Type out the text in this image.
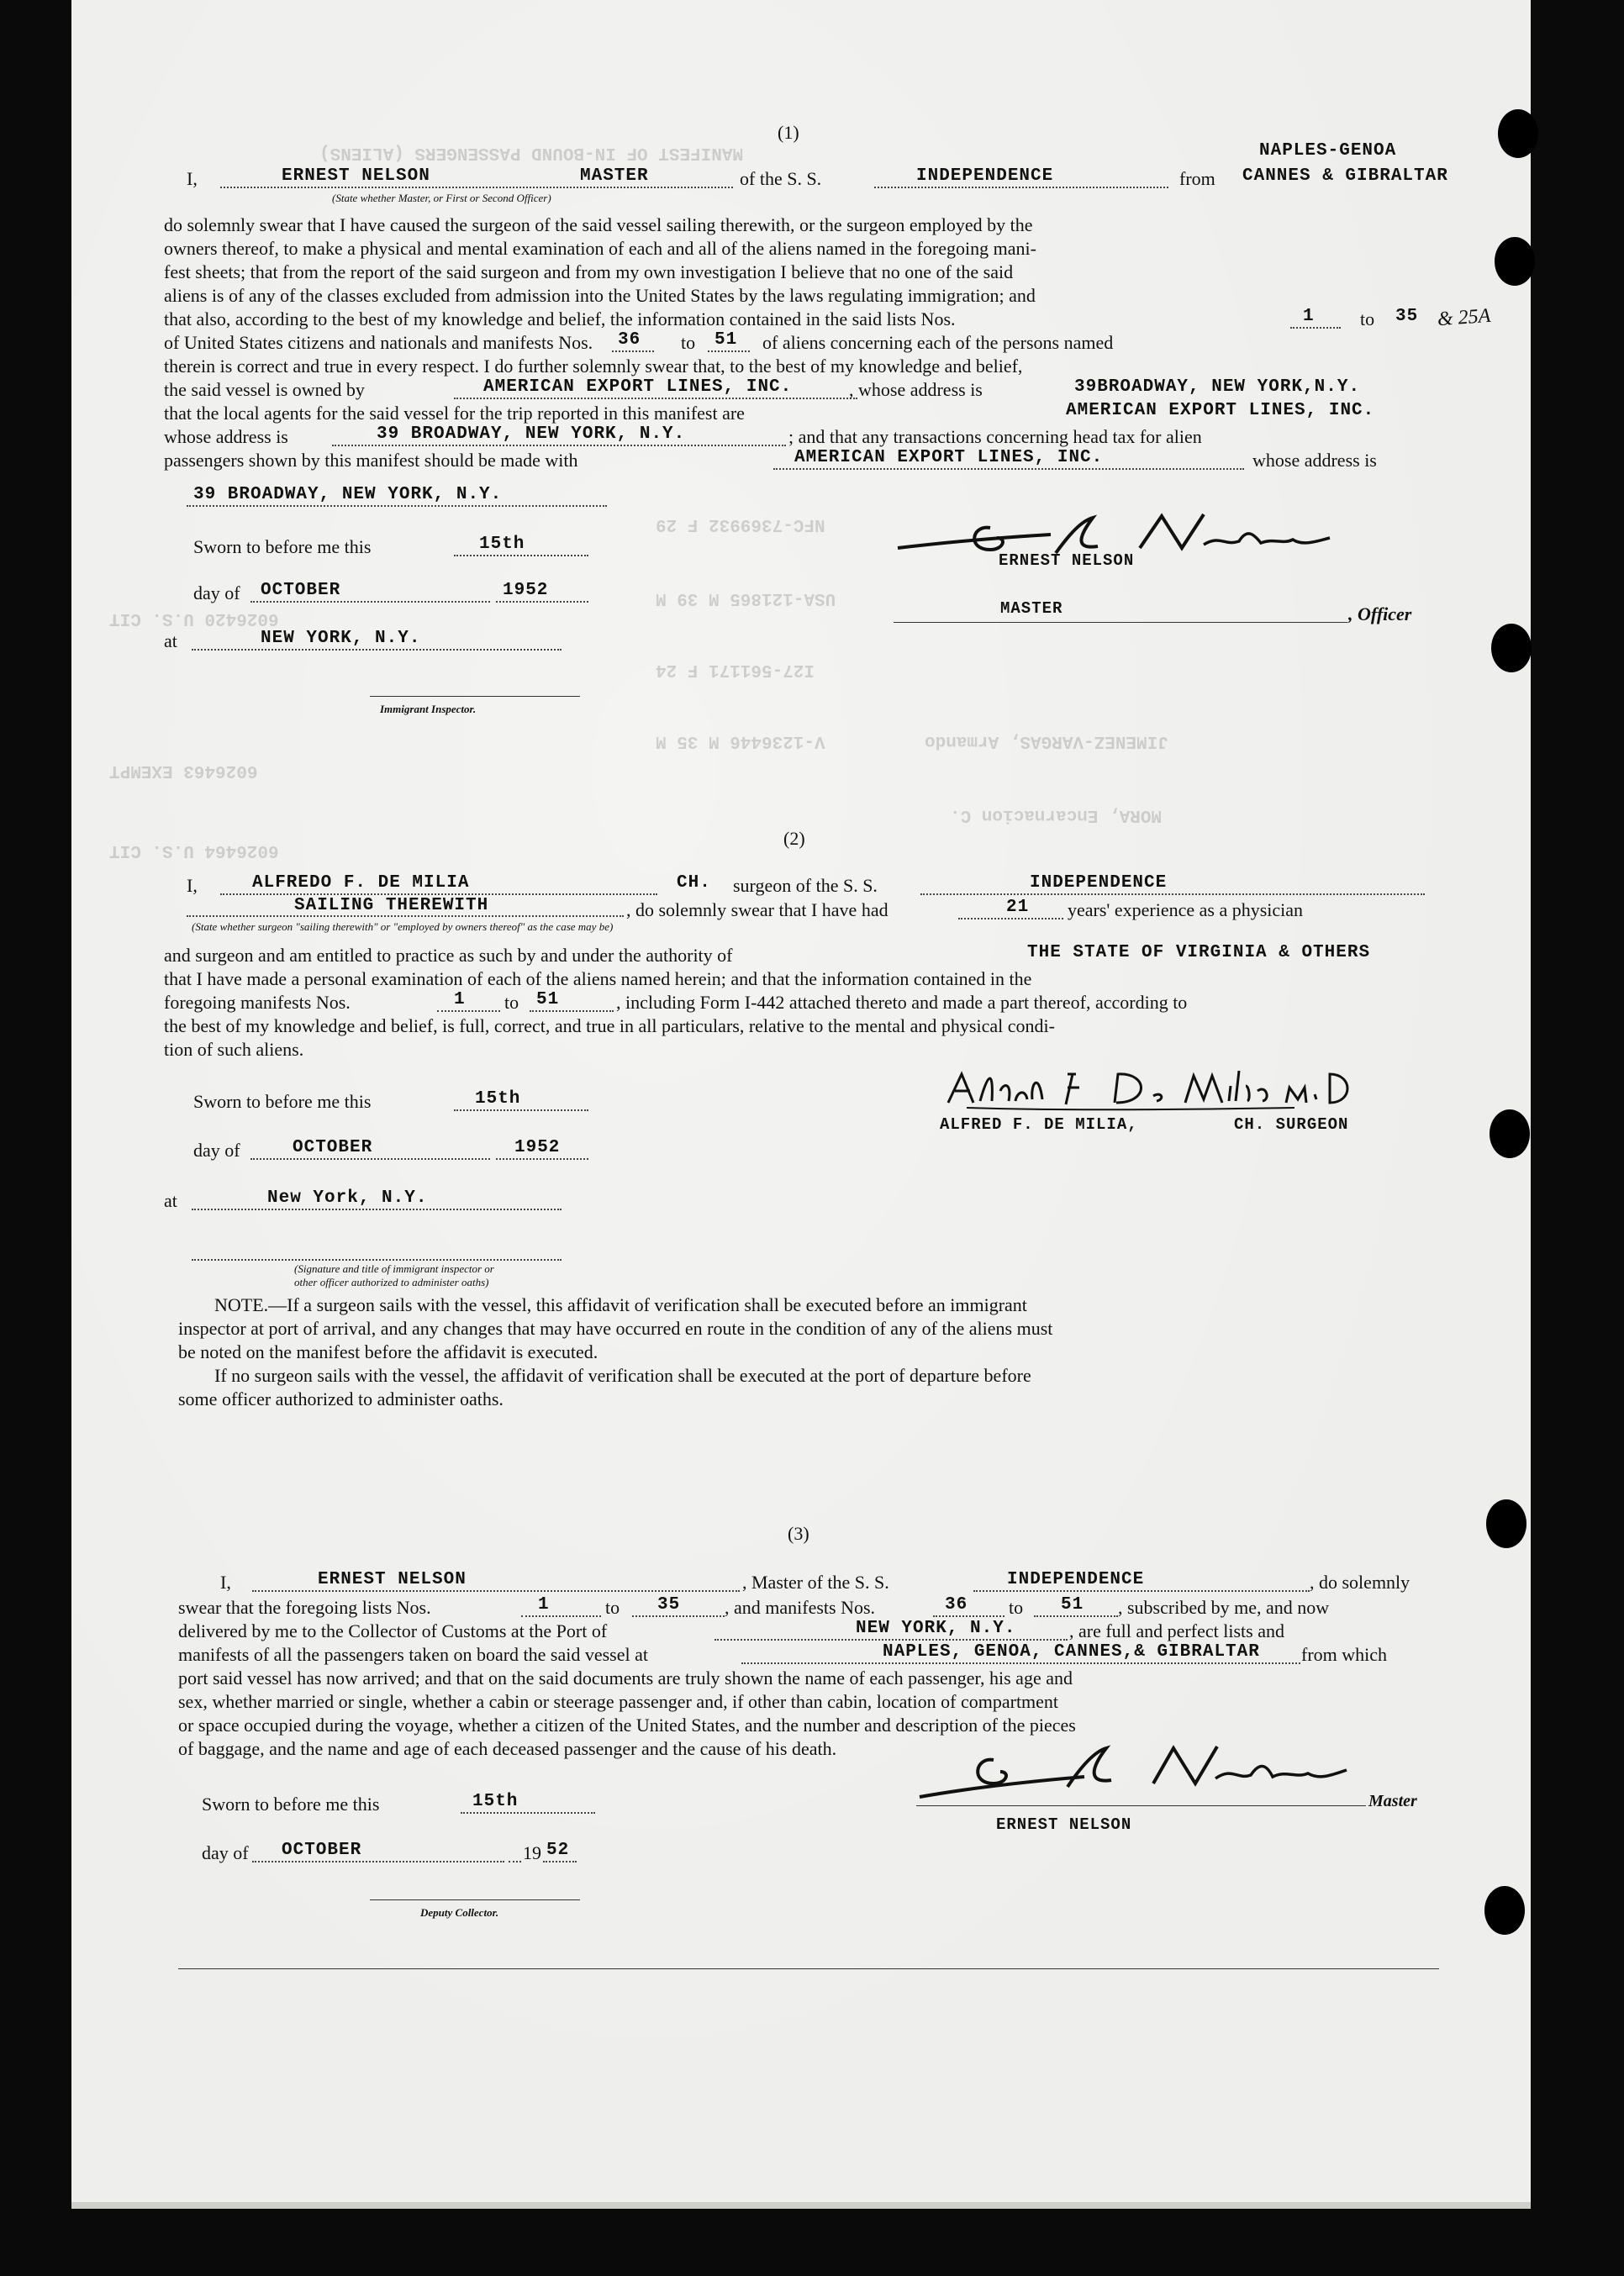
MANIFEST OF IN-BOUND PASSENGERS (ALIENS)
NFC-7369932 F 29
USA-121865 M 39 M
I27-561171 F 24
V-1236446 M 35 M	JIMENEZ-VARGAS, Armando
MORA, Encarnacion C.
6026420 U.S. CIT
6026464 U.S. CIT
6026463 EXEMPT
(1)
I,	ERNEST NELSON	MASTER	of the S. S.	INDEPENDENCE	from
NAPLES-GENOA
CANNES & GIBRALTAR
(State whether Master, or First or Second Officer)
do solemnly swear that I have caused the surgeon of the said vessel sailing therewith, or the surgeon employed by the
owners thereof, to make a physical and mental examination of each and all of the aliens named in the foregoing mani-
fest sheets; that from the report of the said surgeon and from my own investigation I believe that no one of the said
aliens is of any of the classes excluded from admission into the United States by the laws regulating immigration; and
that also, according to the best of my knowledge and belief, the information contained in the said lists Nos.	1 to 35 & 25A
of United States citizens and nationals and manifests Nos. 36 to 51 of aliens concerning each of the persons named
therein is correct and true in every respect. I do further solemnly swear that, to the best of my knowledge and belief,
the said vessel is owned by	AMERICAN EXPORT LINES, INC.	, whose address is	39BROADWAY, NEW YORK,N.Y.
that the local agents for the said vessel for the trip reported in this manifest are	AMERICAN EXPORT LINES, INC.
whose address is	39 BROADWAY, NEW YORK, N.Y.	; and that any transactions concerning head tax for alien
passengers shown by this manifest should be made with	AMERICAN EXPORT LINES, INC.	whose address is
39 BROADWAY, NEW YORK, N.Y.
Sworn to before me this	15th
day of OCTOBER	1952
at	NEW YORK, N.Y.
Immigrant Inspector.
ERNEST NELSON
MASTER	, Officer
(2)
I,	ALFREDO F. DE MILIA	CH. surgeon of the S. S.	INDEPENDENCE
SAILING THEREWITH	, do solemnly swear that I have had	21 years' experience as a physician
(State whether surgeon "sailing therewith" or "employed by owners thereof" as the case may be)
and surgeon and am entitled to practice as such by and under the authority of	THE STATE OF VIRGINIA & OTHERS
that I have made a personal examination of each of the aliens named herein; and that the information contained in the
foregoing manifests Nos.	1 to 51	, including Form I-442 attached thereto and made a part thereof, according to
the best of my knowledge and belief, is full, correct, and true in all particulars, relative to the mental and physical condi-
tion of such aliens.
Sworn to before me this	15th
day of	OCTOBER	1952
at	New York, N.Y.
(Signature and title of immigrant inspector or
other officer authorized to administer oaths)
ALFRED F. DE MILIA,	CH. SURGEON
NOTE.—If a surgeon sails with the vessel, this affidavit of verification shall be executed before an immigrant
inspector at port of arrival, and any changes that may have occurred en route in the condition of any of the aliens must
be noted on the manifest before the affidavit is executed.
If no surgeon sails with the vessel, the affidavit of verification shall be executed at the port of departure before
some officer authorized to administer oaths.
(3)
I,	ERNEST NELSON	, Master of the S. S.	INDEPENDENCE	, do solemnly
swear that the foregoing lists Nos.	1	to 35 , and manifests Nos.	36 to 51 , subscribed by me, and now
delivered by me to the Collector of Customs at the Port of	NEW YORK, N.Y.	, are full and perfect lists and
manifests of all the passengers taken on board the said vessel at	NAPLES, GENOA, CANNES,& GIBRALTAR from which
port said vessel has now arrived; and that on the said documents are truly shown the name of each passenger, his age and
sex, whether married or single, whether a cabin or steerage passenger and, if other than cabin, location of compartment
or space occupied during the voyage, whether a citizen of the United States, and the number and description of the pieces
of baggage, and the name and age of each deceased passenger and the cause of his death.
Sworn to before me this	15th
day of OCTOBER	19 52
Deputy Collector.
Master
ERNEST NELSON
